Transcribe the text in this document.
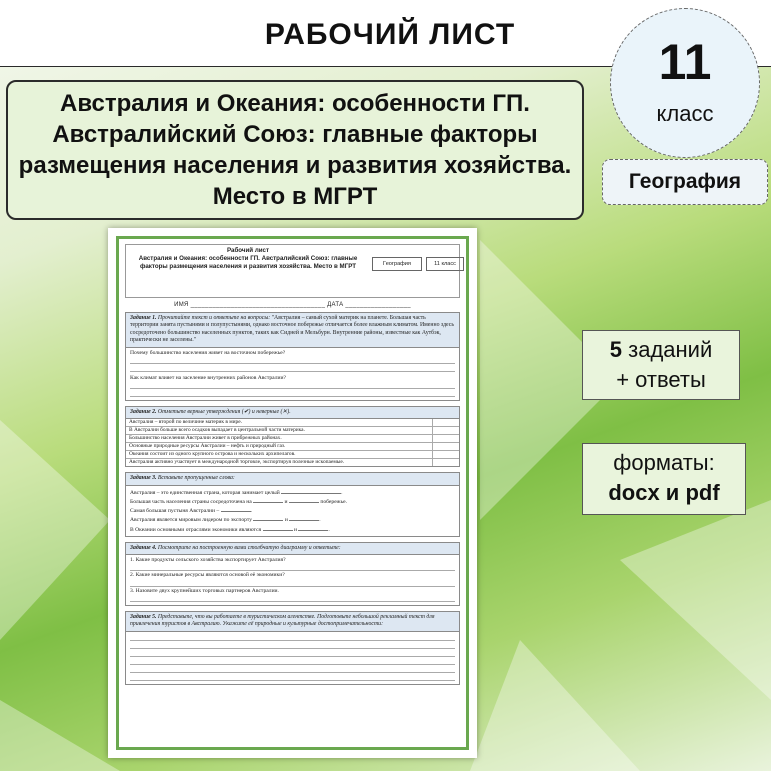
РАБОЧИЙ ЛИСТ	11
класс
Австралия и Океания: особенности ГП. Австралийский Союз: главные факторы размещения населения и развития хозяйства. Место в МГРТ
География
5 заданий
+ ответы
форматы:
docx и pdf
Рабочий лист
Австралия и Океания: особенности ГП. Австралийский Союз: главные факторы размещения населения и развития хозяйства. Место в МГРТ	География	11 класс
ИМЯ _____________________________________ ДАТА __________________
Задание 1. Прочитайте текст и ответьте на вопросы: "Австралия – самый сухой материк на планете. Большая часть территории занята пустынями и полупустынями, однако восточное побережье отличается более влажным климатом. Именно здесь сосредоточено большинство населенных пунктов, таких как Сидней и Мельбурн. Внутренние районы, известные как Аутбэк, практически не заселены."
Почему большинство населения живет на восточном побережье?
Как климат влияет на заселение внутренних районов Австралии?
Задание 2. Отметьте верные утверждения (✔) и неверные (✕).
Австралия – второй по величине материк в мире.
В Австралии больше всего осадков выпадает в центральной части материка.
Большинство населения Австралии живет в прибрежных районах.
Основные природные ресурсы Австралии – нефть и природный газ.
Океания состоит из одного крупного острова и нескольких архипелагов.
Австралия активно участвует в международной торговле, экспортируя полезные ископаемые.
Задание 3. Вставьте пропущенные слова:
Австралия – это единственная страна, которая занимает целый	.
Большая часть населения страны сосредоточена на	и	побережье.
Самая большая пустыня Австралии –	.
Австралия является мировым лидером по экспорту	и	.
В Океании основными отраслями экономики являются	и	.
Задание 4. Посмотрите на построенную вами столбчатую диаграмму и ответьте:
1. Какие продукты сельского хозяйства экспортирует Австралия?
2. Какие минеральные ресурсы являются основой её экономики?
3. Назовите двух крупнейших торговых партнеров Австралии.
Задание 5. Представьте, что вы работаете в туристическом агентстве. Подготовьте небольшой рекламный текст для привлечения туристов в Австралию. Укажите её природные и культурные достопримечательности:
